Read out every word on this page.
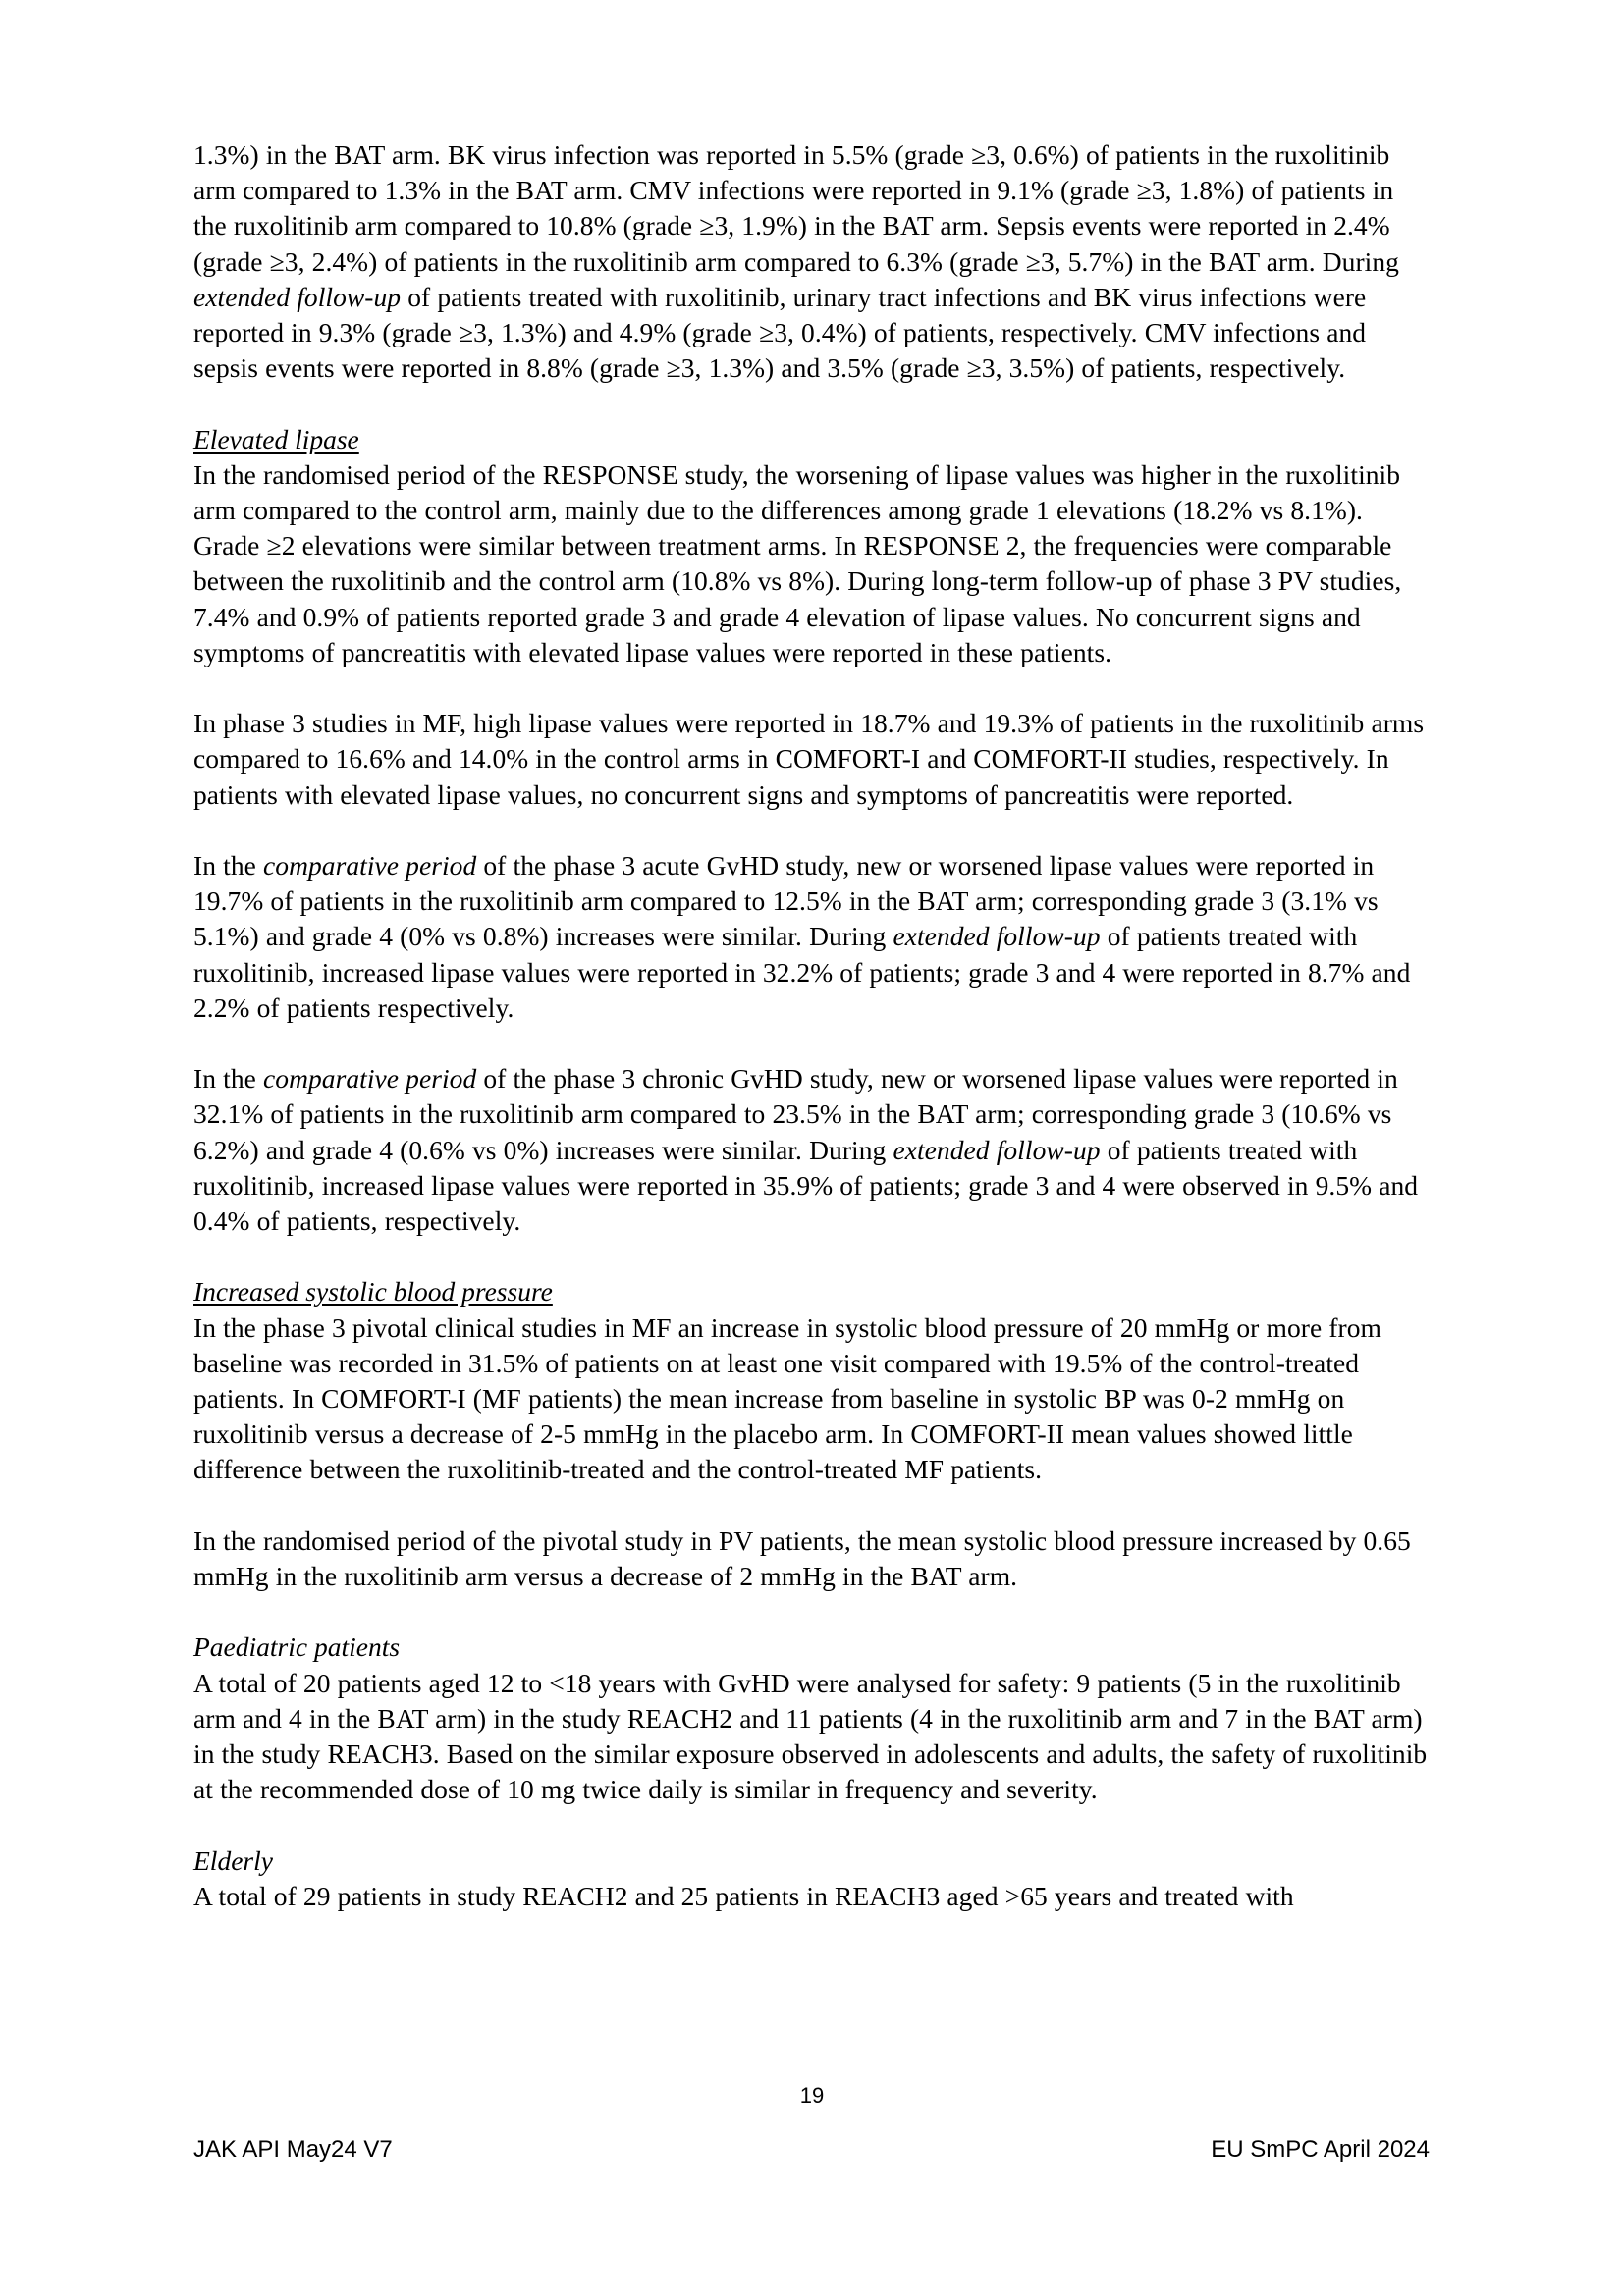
1.3%) in the BAT arm. BK virus infection was reported in 5.5% (grade ≥3, 0.6%) of patients in the ruxolitinib arm compared to 1.3% in the BAT arm. CMV infections were reported in 9.1% (grade ≥3, 1.8%) of patients in the ruxolitinib arm compared to 10.8% (grade ≥3, 1.9%) in the BAT arm. Sepsis events were reported in 2.4% (grade ≥3, 2.4%) of patients in the ruxolitinib arm compared to 6.3% (grade ≥3, 5.7%) in the BAT arm. During extended follow-up of patients treated with ruxolitinib, urinary tract infections and BK virus infections were reported in 9.3% (grade ≥3, 1.3%) and 4.9% (grade ≥3, 0.4%) of patients, respectively. CMV infections and sepsis events were reported in 8.8% (grade ≥3, 1.3%) and 3.5% (grade ≥3, 3.5%) of patients, respectively.

Elevated lipase

In the randomised period of the RESPONSE study, the worsening of lipase values was higher in the ruxolitinib arm compared to the control arm, mainly due to the differences among grade 1 elevations (18.2% vs 8.1%). Grade ≥2 elevations were similar between treatment arms. In RESPONSE 2, the frequencies were comparable between the ruxolitinib and the control arm (10.8% vs 8%). During long-term follow-up of phase 3 PV studies, 7.4% and 0.9% of patients reported grade 3 and grade 4 elevation of lipase values. No concurrent signs and symptoms of pancreatitis with elevated lipase values were reported in these patients.

In phase 3 studies in MF, high lipase values were reported in 18.7% and 19.3% of patients in the ruxolitinib arms compared to 16.6% and 14.0% in the control arms in COMFORT-I and COMFORT-II studies, respectively. In patients with elevated lipase values, no concurrent signs and symptoms of pancreatitis were reported.

In the comparative period of the phase 3 acute GvHD study, new or worsened lipase values were reported in 19.7% of patients in the ruxolitinib arm compared to 12.5% in the BAT arm; corresponding grade 3 (3.1% vs 5.1%) and grade 4 (0% vs 0.8%) increases were similar. During extended follow-up of patients treated with ruxolitinib, increased lipase values were reported in 32.2% of patients; grade 3 and 4 were reported in 8.7% and 2.2% of patients respectively.

In the comparative period of the phase 3 chronic GvHD study, new or worsened lipase values were reported in 32.1% of patients in the ruxolitinib arm compared to 23.5% in the BAT arm; corresponding grade 3 (10.6% vs 6.2%) and grade 4 (0.6% vs 0%) increases were similar. During extended follow-up of patients treated with ruxolitinib, increased lipase values were reported in 35.9% of patients; grade 3 and 4 were observed in 9.5% and 0.4% of patients, respectively.

Increased systolic blood pressure

In the phase 3 pivotal clinical studies in MF an increase in systolic blood pressure of 20 mmHg or more from baseline was recorded in 31.5% of patients on at least one visit compared with 19.5% of the control-treated patients. In COMFORT-I (MF patients) the mean increase from baseline in systolic BP was 0-2 mmHg on ruxolitinib versus a decrease of 2-5 mmHg in the placebo arm. In COMFORT-II mean values showed little difference between the ruxolitinib-treated and the control-treated MF patients.

In the randomised period of the pivotal study in PV patients, the mean systolic blood pressure increased by 0.65 mmHg in the ruxolitinib arm versus a decrease of 2 mmHg in the BAT arm.

Paediatric patients

A total of 20 patients aged 12 to <18 years with GvHD were analysed for safety: 9 patients (5 in the ruxolitinib arm and 4 in the BAT arm) in the study REACH2 and 11 patients (4 in the ruxolitinib arm and 7 in the BAT arm) in the study REACH3. Based on the similar exposure observed in adolescents and adults, the safety of ruxolitinib at the recommended dose of 10 mg twice daily is similar in frequency and severity.

Elderly

A total of 29 patients in study REACH2 and 25 patients in REACH3 aged >65 years and treated with

19
JAK API May24 V7	EU SmPC April 2024
